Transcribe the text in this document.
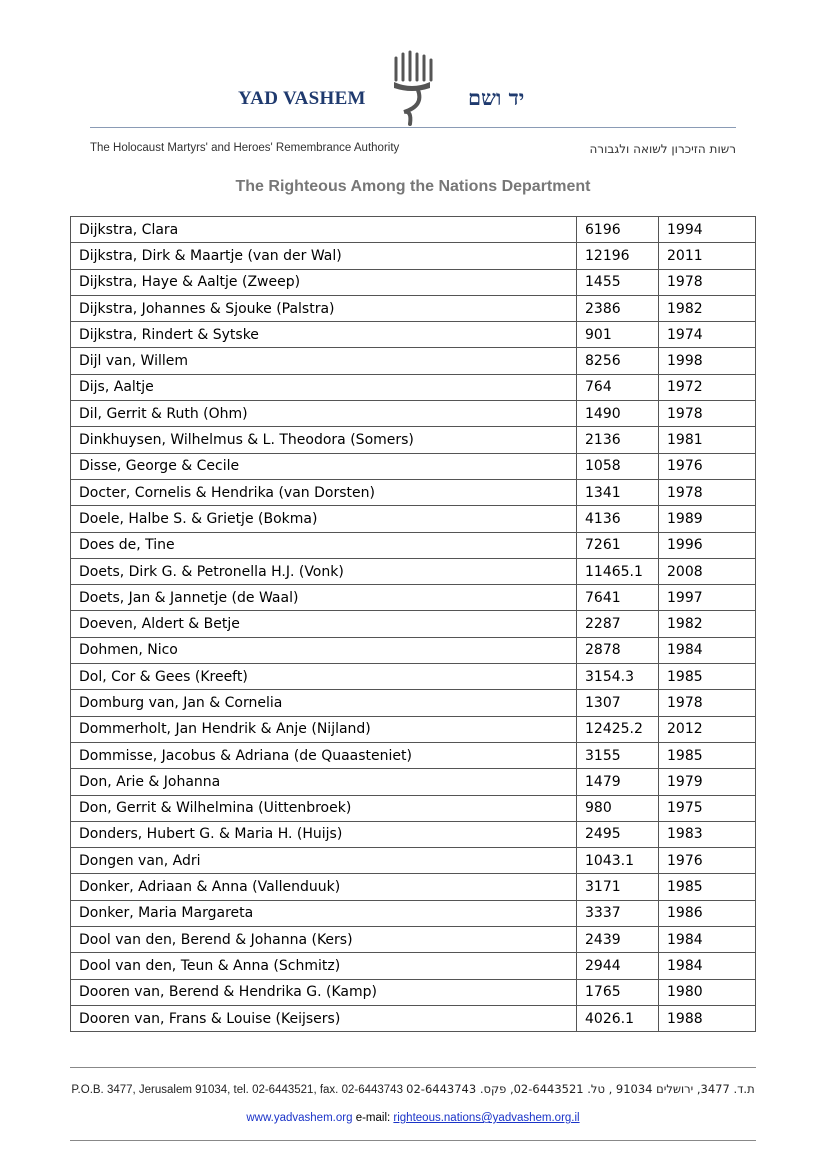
YAD VASHEM	יד ושם
The Holocaust Martyrs' and Heroes' Remembrance Authority	רשות הזיכרון לשואה ולגבורה
The Righteous Among the Nations Department
Dijkstra, Clara	6196	1994
Dijkstra, Dirk & Maartje (van der Wal)	12196	2011
Dijkstra, Haye & Aaltje (Zweep)	1455	1978
Dijkstra, Johannes & Sjouke (Palstra)	2386	1982
Dijkstra, Rindert & Sytske	901	1974
Dijl van, Willem	8256	1998
Dijs, Aaltje	764	1972
Dil, Gerrit & Ruth (Ohm)	1490	1978
Dinkhuysen, Wilhelmus & L. Theodora (Somers)	2136	1981
Disse, George & Cecile	1058	1976
Docter, Cornelis & Hendrika (van Dorsten)	1341	1978
Doele, Halbe S. & Grietje (Bokma)	4136	1989
Does de, Tine	7261	1996
Doets, Dirk G. & Petronella H.J. (Vonk)	11465.1	2008
Doets, Jan & Jannetje (de Waal)	7641	1997
Doeven, Aldert & Betje	2287	1982
Dohmen, Nico	2878	1984
Dol, Cor & Gees (Kreeft)	3154.3	1985
Domburg van, Jan & Cornelia	1307	1978
Dommerholt, Jan Hendrik & Anje (Nijland)	12425.2	2012
Dommisse, Jacobus & Adriana (de Quaasteniet)	3155	1985
Don, Arie & Johanna	1479	1979
Don, Gerrit & Wilhelmina (Uittenbroek)	980	1975
Donders, Hubert G. & Maria H. (Huijs)	2495	1983
Dongen van, Adri	1043.1	1976
Donker, Adriaan & Anna (Vallenduuk)	3171	1985
Donker, Maria Margareta	3337	1986
Dool van den, Berend & Johanna (Kers)	2439	1984
Dool van den, Teun & Anna (Schmitz)	2944	1984
Dooren van, Berend & Hendrika G. (Kamp)	1765	1980
Dooren van, Frans & Louise (Keijsers)	4026.1	1988
P.O.B. 3477, Jerusalem 91034, tel. 02-6443521, fax. 02-6443743 ת.ד. 3477, ירושלים 91034 , טל. 02-6443521, פקס. 02-6443743
www.yadvashem.org e-mail: righteous.nations@yadvashem.org.il
